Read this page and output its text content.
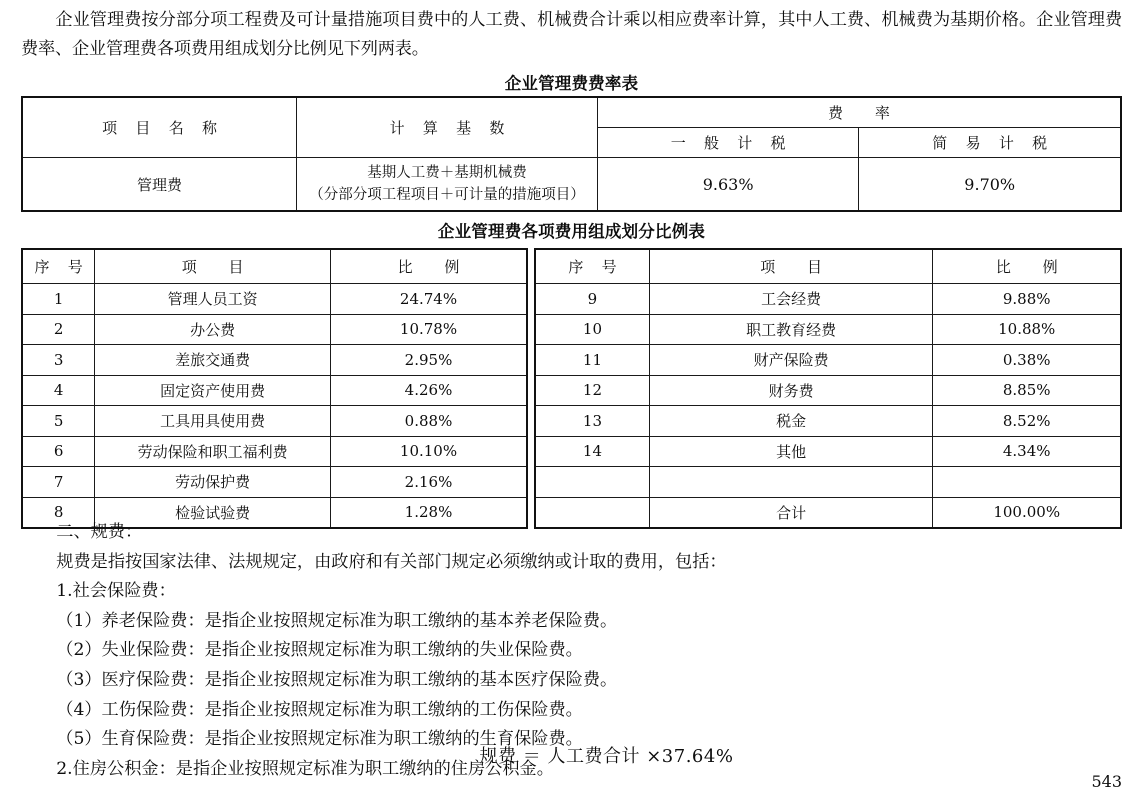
企业管理费按分部分项工程费及可计量措施项目费中的人工费、机械费合计乘以相应费率计算，其中人工费、机械费为基期价格。企业管理费费率、企业管理费各项费用组成划分比例见下列两表。
企业管理费费率表
项 目 名 称	计 算 基 数	费 率	
		一 般 计 税	简 易 计 税
管理费	基期人工费＋基期机械费
（分部分项工程项目＋可计量的措施项目）	9.63%	9.70%
企业管理费各项费用组成划分比例表
序 号	项 目	比 例
1	管理人员工资	24.74%
2	办公费	10.78%
3	差旅交通费	2.95%
4	固定资产使用费	4.26%
5	工具用具使用费	0.88%
6	劳动保险和职工福利费	10.10%
7	劳动保护费	2.16%
8	检验试验费	1.28%
序 号	项 目	比 例
9	工会经费	9.88%
10	职工教育经费	10.88%
11	财产保险费	0.38%
12	财务费	8.85%
13	税金	8.52%
14	其他	4.34%

	合计	100.00%
二、规费：
规费是指按国家法律、法规规定，由政府和有关部门规定必须缴纳或计取的费用，包括：
1.社会保险费：
（1）养老保险费：是指企业按照规定标准为职工缴纳的基本养老保险费。
（2）失业保险费：是指企业按照规定标准为职工缴纳的失业保险费。
（3）医疗保险费：是指企业按照规定标准为职工缴纳的基本医疗保险费。
（4）工伤保险费：是指企业按照规定标准为职工缴纳的工伤保险费。
（5）生育保险费：是指企业按照规定标准为职工缴纳的生育保险费。
2.住房公积金：是指企业按照规定标准为职工缴纳的住房公积金。
规费 ＝ 人工费合计 ×37.64%
543
